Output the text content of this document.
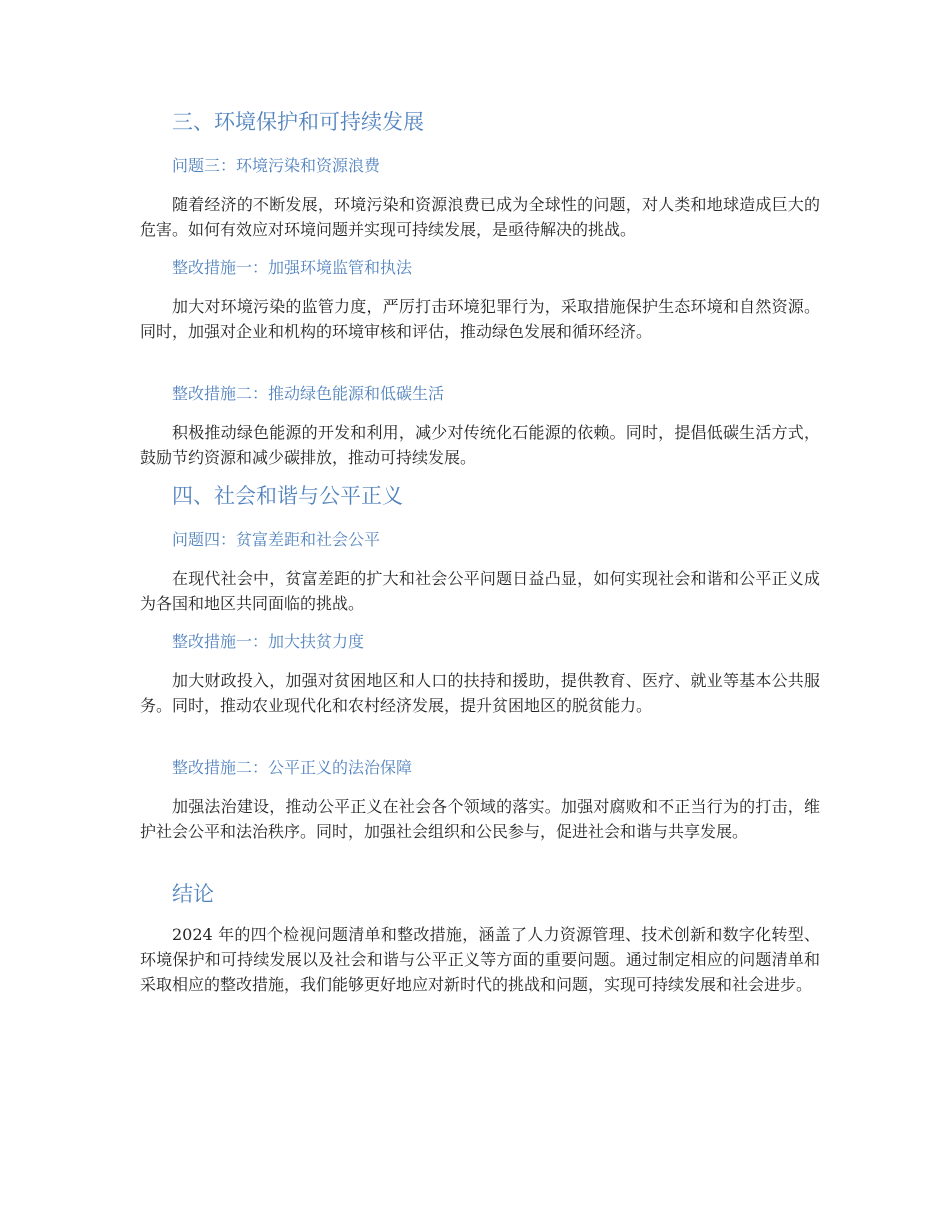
三、环境保护和可持续发展
问题三：环境污染和资源浪费
随着经济的不断发展，环境污染和资源浪费已成为全球性的问题，对人类和地球造成巨大的危害。如何有效应对环境问题并实现可持续发展，是亟待解决的挑战。
整改措施一：加强环境监管和执法
加大对环境污染的监管力度，严厉打击环境犯罪行为，采取措施保护生态环境和自然资源。同时，加强对企业和机构的环境审核和评估，推动绿色发展和循环经济。
整改措施二：推动绿色能源和低碳生活
积极推动绿色能源的开发和利用，减少对传统化石能源的依赖。同时，提倡低碳生活方式，鼓励节约资源和减少碳排放，推动可持续发展。
四、社会和谐与公平正义
问题四：贫富差距和社会公平
在现代社会中，贫富差距的扩大和社会公平问题日益凸显，如何实现社会和谐和公平正义成为各国和地区共同面临的挑战。
整改措施一：加大扶贫力度
加大财政投入，加强对贫困地区和人口的扶持和援助，提供教育、医疗、就业等基本公共服务。同时，推动农业现代化和农村经济发展，提升贫困地区的脱贫能力。
整改措施二：公平正义的法治保障
加强法治建设，推动公平正义在社会各个领域的落实。加强对腐败和不正当行为的打击，维护社会公平和法治秩序。同时，加强社会组织和公民参与，促进社会和谐与共享发展。
结论
2024 年的四个检视问题清单和整改措施，涵盖了人力资源管理、技术创新和数字化转型、环境保护和可持续发展以及社会和谐与公平正义等方面的重要问题。通过制定相应的问题清单和采取相应的整改措施，我们能够更好地应对新时代的挑战和问题，实现可持续发展和社会进步。
